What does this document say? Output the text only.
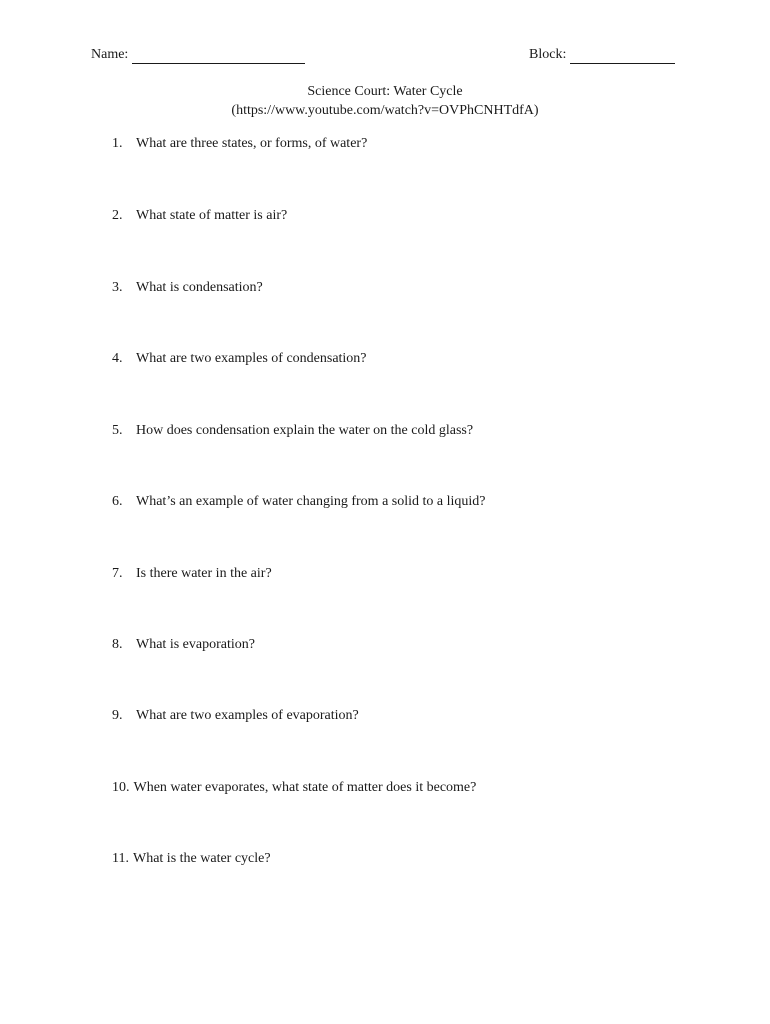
Name:	Block:
Science Court: Water Cycle
(https://www.youtube.com/watch?v=OVPhCNHTdfA)
1. What are three states, or forms, of water?
2. What state of matter is air?
3. What is condensation?
4. What are two examples of condensation?
5. How does condensation explain the water on the cold glass?
6. What’s an example of water changing from a solid to a liquid?
7. Is there water in the air?
8. What is evaporation?
9. What are two examples of evaporation?
10. When water evaporates, what state of matter does it become?
11. What is the water cycle?
